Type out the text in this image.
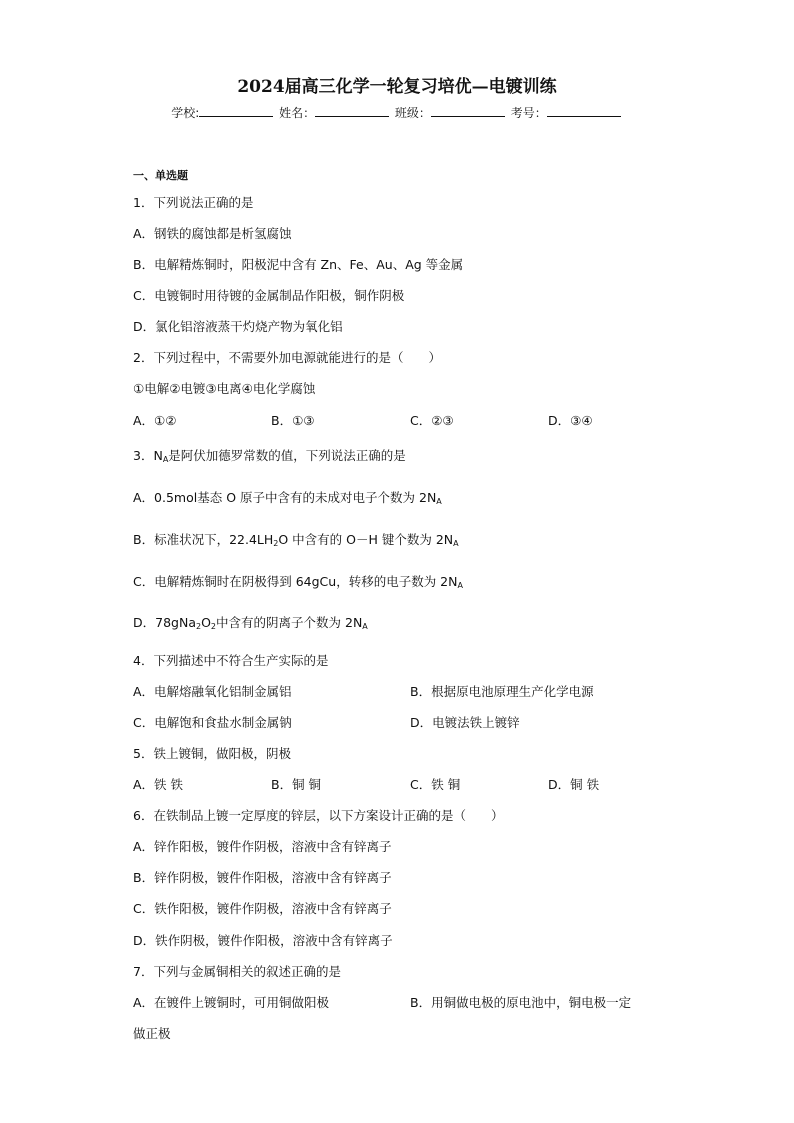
2024届高三化学一轮复习培优—电镀训练
学校:	姓名：	班级：	考号：
一、单选题
1．下列说法正确的是
A．钢铁的腐蚀都是析氢腐蚀
B．电解精炼铜时，阳极泥中含有 Zn、Fe、Au、Ag 等金属
C．电镀铜时用待镀的金属制品作阳极，铜作阴极
D．氯化铝溶液蒸干灼烧产物为氧化铝
2．下列过程中，不需要外加电源就能进行的是（　　）
①电解②电镀③电离④电化学腐蚀
A．①②	B．①③	C．②③	D．③④
3．$N_A$是阿伏加德罗常数的值，下列说法正确的是
A．0.5mol基态 O 原子中含有的未成对电子个数为 $2N_A$
B．标准状况下，$22.4LH_2O$ 中含有的 O－H 键个数为 $2N_A$
C．电解精炼铜时在阴极得到 64gCu，转移的电子数为 $2N_A$
D．$78gNa_2O_2$中含有的阴离子个数为 $2N_A$
4．下列描述中不符合生产实际的是
A．电解熔融氧化铝制金属铝	B．根据原电池原理生产化学电源
C．电解饱和食盐水制金属钠	D．电镀法铁上镀锌
5．铁上镀铜，做阳极，阴极
A．铁 铁	B．铜 铜	C．铁 铜	D．铜 铁
6．在铁制品上镀一定厚度的锌层，以下方案设计正确的是（　　）
A．锌作阳极，镀件作阴极，溶液中含有锌离子
B．锌作阴极，镀件作阳极，溶液中含有锌离子
C．铁作阳极，镀件作阴极，溶液中含有锌离子
D．铁作阴极，镀件作阳极，溶液中含有锌离子
7．下列与金属铜相关的叙述正确的是
A．在镀件上镀铜时，可用铜做阳极	B．用铜做电极的原电池中，铜电极一定
做正极
